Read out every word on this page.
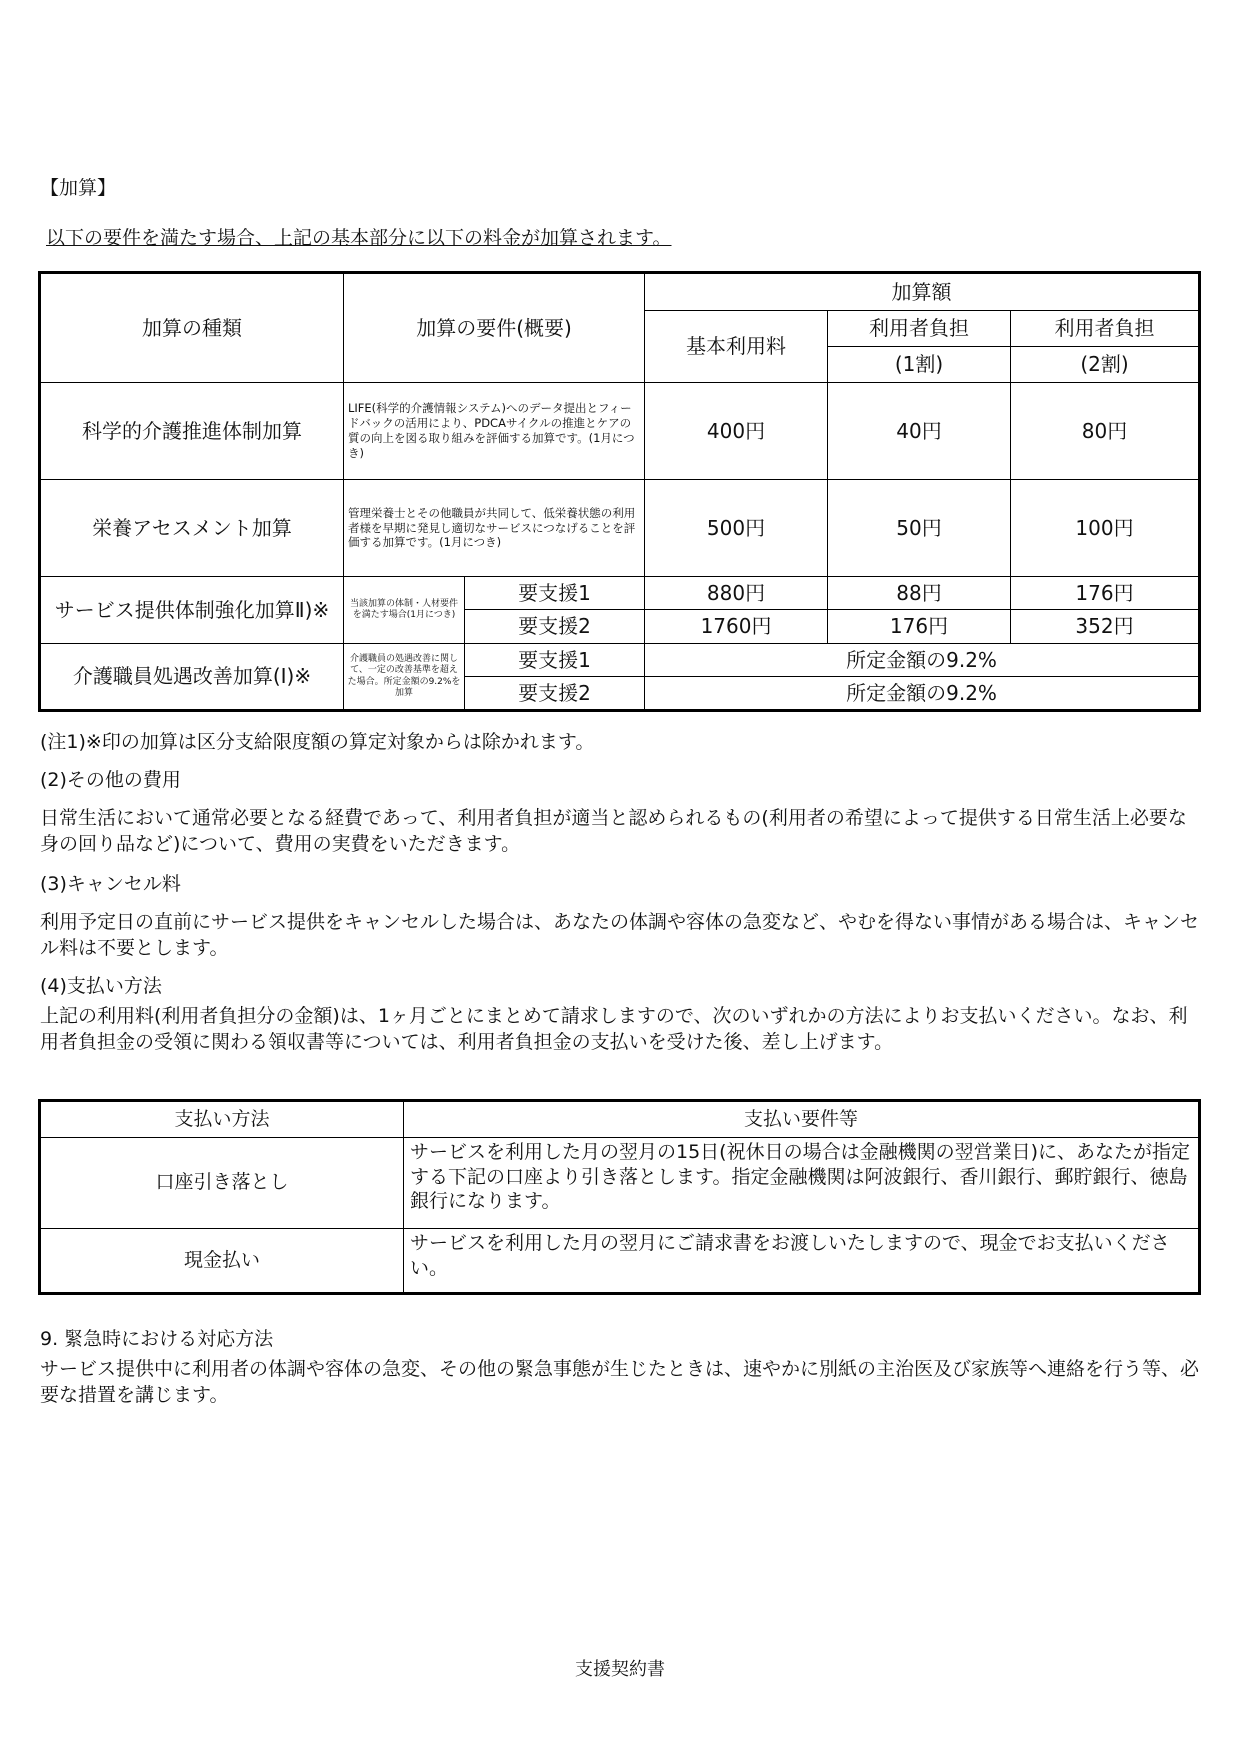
【加算】
以下の要件を満たす場合、上記の基本部分に以下の料金が加算されます。
加算の種類	加算の要件(概要)		加算額		
			基本利用料	利用者負担	利用者負担
				(1割)	(2割)
科学的介護推進体制加算	LIFE(科学的介護情報システム)へのデータ提出とフィードバックの活用により、PDCAサイクルの推進とケアの質の向上を図る取り組みを評価する加算です。(1月につき)		400円	40円	80円
栄養アセスメント加算	管理栄養士とその他職員が共同して、低栄養状態の利用者様を早期に発見し適切なサービスにつなげることを評価する加算です。(1月につき)		500円	50円	100円
サービス提供体制強化加算Ⅱ)※	当該加算の体制・人材要件を満たす場合(1月につき)	要支援1	880円	88円	176円
		要支援2	1760円	176円	352円
介護職員処遇改善加算(Ⅰ)※	介護職員の処遇改善に関して、一定の改善基準を超えた場合。所定金額の9.2%を加算	要支援1	所定金額の9.2%		
		要支援2	所定金額の9.2%		
(注1)※印の加算は区分支給限度額の算定対象からは除かれます。
(2)その他の費用
日常生活において通常必要となる経費であって、利用者負担が適当と認められるもの(利用者の希望によって提供する日常生活上必要な身の回り品など)について、費用の実費をいただきます。
(3)キャンセル料
利用予定日の直前にサービス提供をキャンセルした場合は、あなたの体調や容体の急変など、やむを得ない事情がある場合は、キャンセル料は不要とします。
(4)支払い方法
上記の利用料(利用者負担分の金額)は、1ヶ月ごとにまとめて請求しますので、次のいずれかの方法によりお支払いください。なお、利用者負担金の受領に関わる領収書等については、利用者負担金の支払いを受けた後、差し上げます。
支払い方法	支払い要件等
口座引き落とし	サービスを利用した月の翌月の15日(祝休日の場合は金融機関の翌営業日)に、あなたが指定する下記の口座より引き落とします。指定金融機関は阿波銀行、香川銀行、郵貯銀行、徳島銀行になります。
現金払い	サービスを利用した月の翌月にご請求書をお渡しいたしますので、現金でお支払いください。
9. 緊急時における対応方法
サービス提供中に利用者の体調や容体の急変、その他の緊急事態が生じたときは、速やかに別紙の主治医及び家族等へ連絡を行う等、必要な措置を講じます。
支援契約書
